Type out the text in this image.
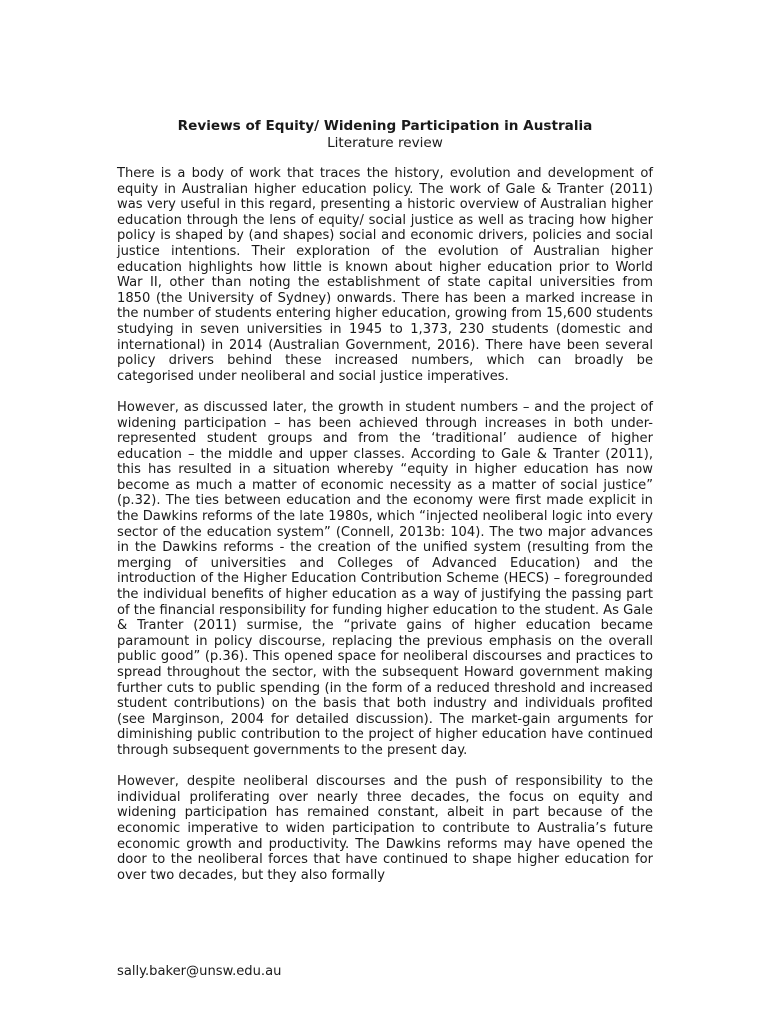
Reviews of Equity/ Widening Participation in Australia

Literature review

There is a body of work that traces the history, evolution and development of equity in Australian higher education policy. The work of Gale & Tranter (2011) was very useful in this regard, presenting a historic overview of Australian higher education through the lens of equity/ social justice as well as tracing how higher policy is shaped by (and shapes) social and economic drivers, policies and social justice intentions. Their exploration of the evolution of Australian higher education highlights how little is known about higher education prior to World War II, other than noting the establishment of state capital universities from 1850 (the University of Sydney) onwards. There has been a marked increase in the number of students entering higher education, growing from 15,600 students studying in seven universities in 1945 to 1,373, 230 students (domestic and international) in 2014 (Australian Government, 2016). There have been several policy drivers behind these increased numbers, which can broadly be categorised under neoliberal and social justice imperatives.

However, as discussed later, the growth in student numbers – and the project of widening participation – has been achieved through increases in both under-represented student groups and from the ‘traditional’ audience of higher education – the middle and upper classes. According to Gale & Tranter (2011), this has resulted in a situation whereby “equity in higher education has now become as much a matter of economic necessity as a matter of social justice” (p.32). The ties between education and the economy were first made explicit in the Dawkins reforms of the late 1980s, which “injected neoliberal logic into every sector of the education system” (Connell, 2013b: 104). The two major advances in the Dawkins reforms - the creation of the unified system (resulting from the merging of universities and Colleges of Advanced Education) and the introduction of the Higher Education Contribution Scheme (HECS) – foregrounded the individual benefits of higher education as a way of justifying the passing part of the financial responsibility for funding higher education to the student. As Gale & Tranter (2011) surmise, the “private gains of higher education became paramount in policy discourse, replacing the previous emphasis on the overall public good” (p.36). This opened space for neoliberal discourses and practices to spread throughout the sector, with the subsequent Howard government making further cuts to public spending (in the form of a reduced threshold and increased student contributions) on the basis that both industry and individuals profited (see Marginson, 2004 for detailed discussion). The market-gain arguments for diminishing public contribution to the project of higher education have continued through subsequent governments to the present day.

However, despite neoliberal discourses and the push of responsibility to the individual proliferating over nearly three decades, the focus on equity and widening participation has remained constant, albeit in part because of the economic imperative to widen participation to contribute to Australia’s future economic growth and productivity. The Dawkins reforms may have opened the door to the neoliberal forces that have continued to shape higher education for over two decades, but they also formally

sally.baker@unsw.edu.au
